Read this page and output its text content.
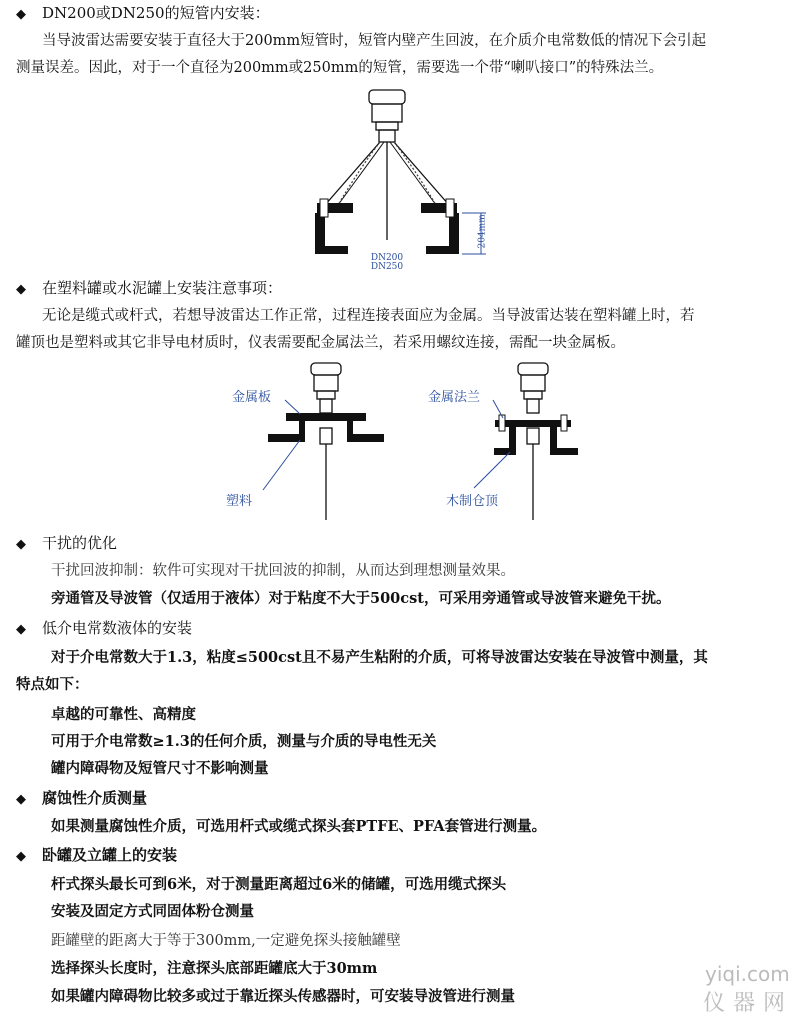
◆ DN200或DN250的短管内安装：
当导波雷达需要安装于直径大于200mm短管时，短管内壁产生回波，在介质介电常数低的情况下会引起
测量误差。因此，对于一个直径为200mm或250mm的短管，需要选一个带“喇叭接口”的特殊法兰。
DN200
DN250
204mm
◆ 在塑料罐或水泥罐上安装注意事项：
无论是缆式或杆式，若想导波雷达工作正常，过程连接表面应为金属。当导波雷达装在塑料罐上时，若
罐顶也是塑料或其它非导电材质时，仪表需要配金属法兰，若采用螺纹连接，需配一块金属板。
金属板
塑料
金属法兰
木制仓顶
◆ 干扰的优化
干扰回波抑制：软件可实现对干扰回波的抑制，从而达到理想测量效果。
旁通管及导波管（仅适用于液体）对于粘度不大于500cst，可采用旁通管或导波管来避免干扰。
◆ 低介电常数液体的安装
对于介电常数大于1.3，粘度≤500cst且不易产生粘附的介质，可将导波雷达安装在导波管中测量，其
特点如下：
卓越的可靠性、高精度
可用于介电常数≥1.3的任何介质，测量与介质的导电性无关
罐内障碍物及短管尺寸不影响测量
◆ 腐蚀性介质测量
如果测量腐蚀性介质，可选用杆式或缆式探头套PTFE、PFA套管进行测量。
◆ 卧罐及立罐上的安装
杆式探头最长可到6米，对于测量距离超过6米的储罐，可选用缆式探头
安装及固定方式同固体粉仓测量
距罐壁的距离大于等于300mm,一定避免探头接触罐壁
选择探头长度时，注意探头底部距罐底大于30mm
如果罐内障碍物比较多或过于靠近探头传感器时，可安装导波管进行测量
yiqi.com
仪器网
